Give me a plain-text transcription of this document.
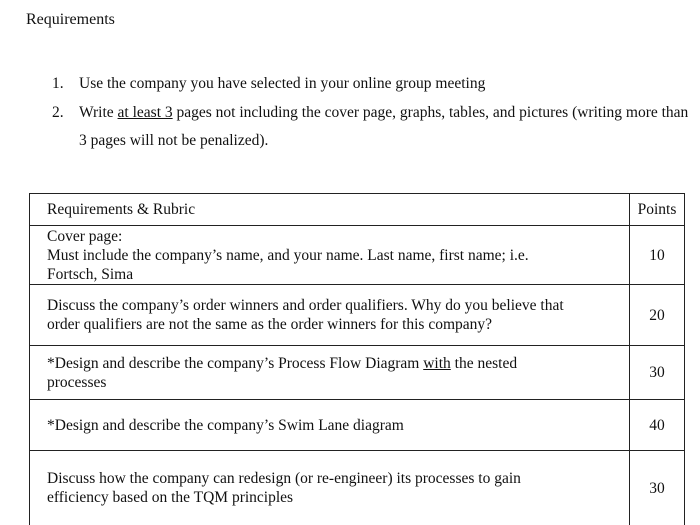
Requirements
1. Use the company you have selected in your online group meeting
2. Write at least 3 pages not including the cover page, graphs, tables, and pictures (writing more than 3 pages will not be penalized).
Requirements & Rubric	Points

Cover page:
Must include the company’s name, and your name. Last name, first name; i.e.
Fortsch, Sima	10

Discuss the company’s order winners and order qualifiers. Why do you believe that
order qualifiers are not the same as the order winners for this company?	20

*Design and describe the company’s Process Flow Diagram with the nested
processes	30

*Design and describe the company’s Swim Lane diagram	40

Discuss how the company can redesign (or re-engineer) its processes to gain
efficiency based on the TQM principles	30
